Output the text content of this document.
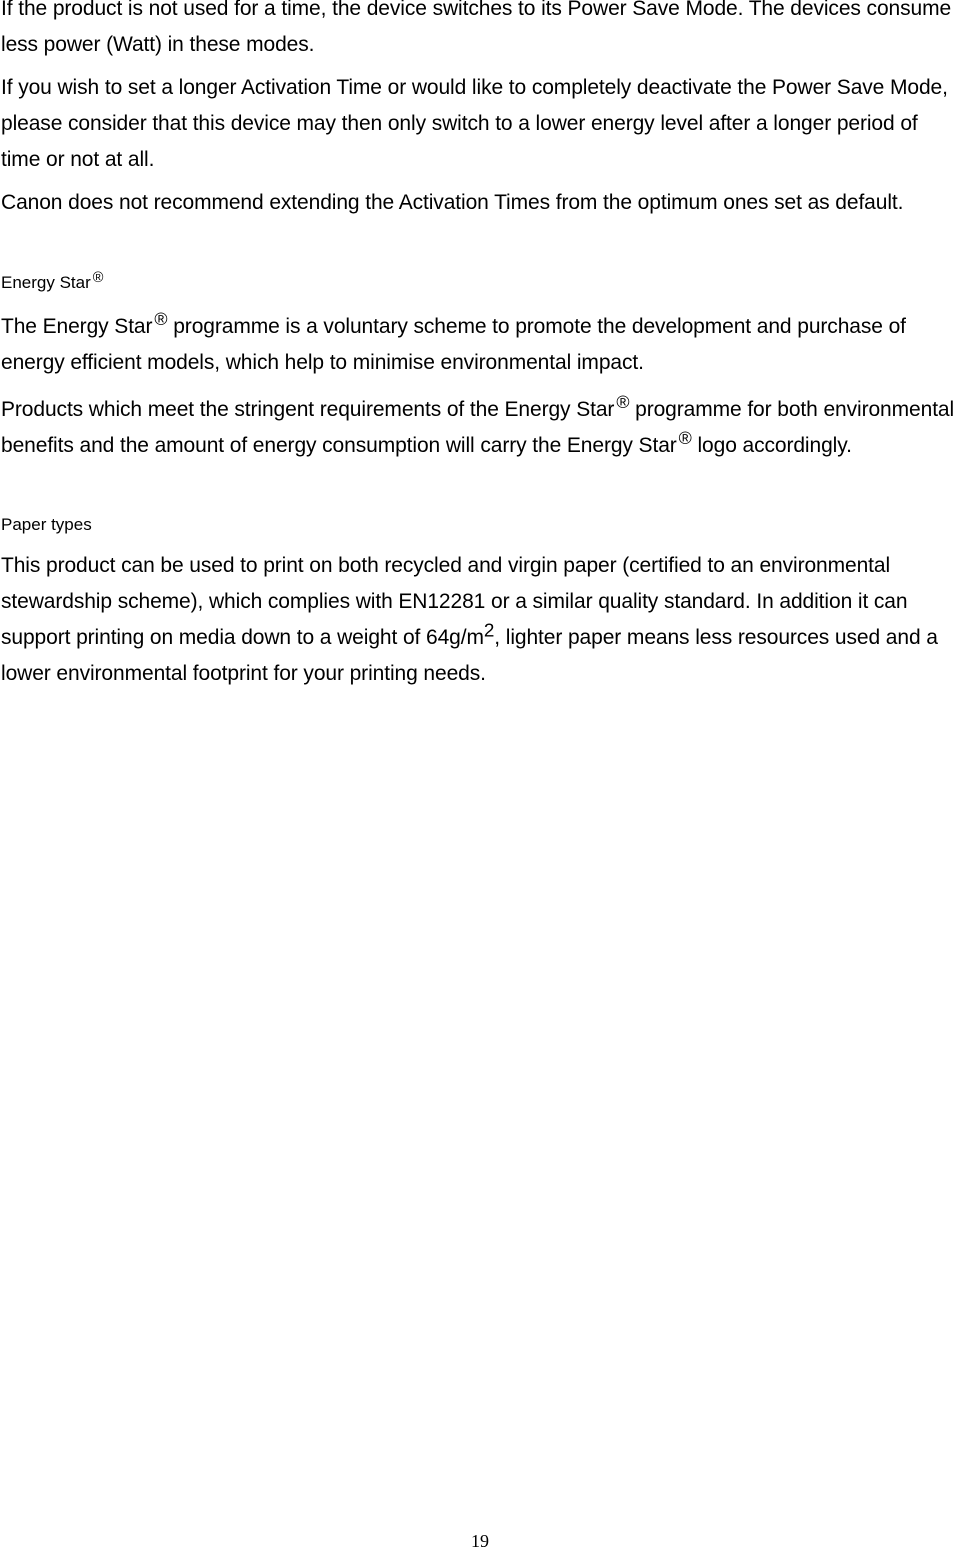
If the product is not used for a time, the device switches to its Power Save Mode. The devices consume less power (Watt) in these modes.

If you wish to set a longer Activation Time or would like to completely deactivate the Power Save Mode, please consider that this device may then only switch to a lower energy level after a longer period of time or not at all.

Canon does not recommend extending the Activation Times from the optimum ones set as default.

Energy Star ®

The Energy Star ® programme is a voluntary scheme to promote the development and purchase of energy efficient models, which help to minimise environmental impact.

Products which meet the stringent requirements of the Energy Star ® programme for both environmental benefits and the amount of energy consumption will carry the Energy Star ® logo accordingly.

Paper types

This product can be used to print on both recycled and virgin paper (certified to an environmental stewardship scheme), which complies with EN12281 or a similar quality standard. In addition it can support printing on media down to a weight of 64g/m2, lighter paper means less resources used and a lower environmental footprint for your printing needs.

19
